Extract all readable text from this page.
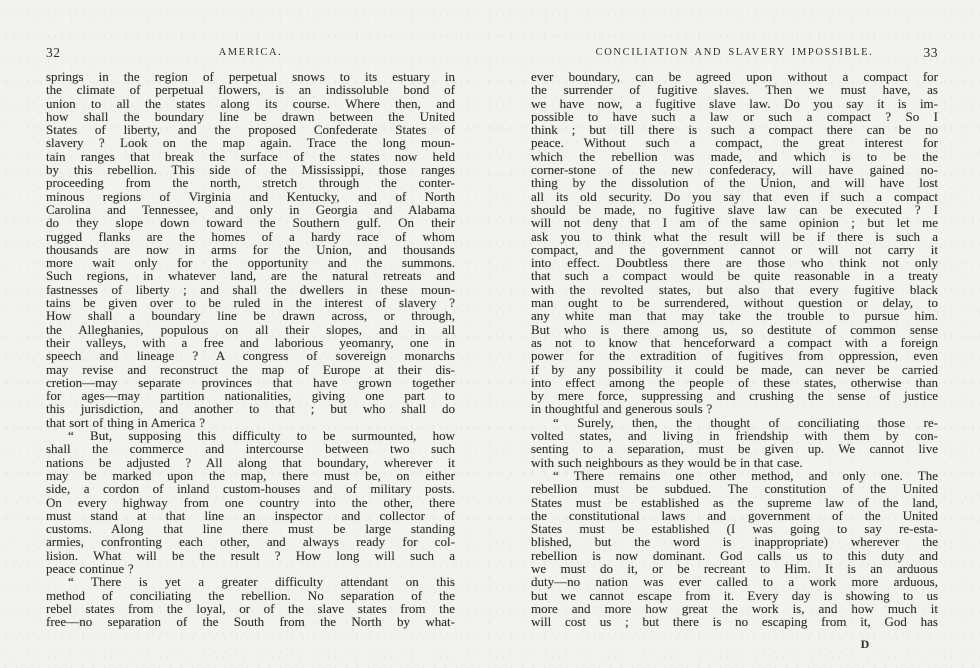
32	AMERICA.
springs in the region of perpetual snows to its estuary in
the climate of perpetual flowers, is an indissoluble bond of
union to all the states along its course. Where then, and
how shall the boundary line be drawn between the United
States of liberty, and the proposed Confederate States of
slavery ? Look on the map again. Trace the long moun-
tain ranges that break the surface of the states now held
by this rebellion. This side of the Mississippi, those ranges
proceeding from the north, stretch through the conter-
minous regions of Virginia and Kentucky, and of North
Carolina and Tennessee, and only in Georgia and Alabama
do they slope down toward the Southern gulf. On their
rugged flanks are the homes of a hardy race of whom
thousands are now in arms for the Union, and thousands
more wait only for the opportunity and the summons.
Such regions, in whatever land, are the natural retreats and
fastnesses of liberty ; and shall the dwellers in these moun-
tains be given over to be ruled in the interest of slavery ?
How shall a boundary line be drawn across, or through,
the Alleghanies, populous on all their slopes, and in all
their valleys, with a free and laborious yeomanry, one in
speech and lineage ? A congress of sovereign monarchs
may revise and reconstruct the map of Europe at their dis-
cretion—may separate provinces that have grown together
for ages—may partition nationalities, giving one part to
this jurisdiction, and another to that ; but who shall do
that sort of thing in America ?
“ But, supposing this difficulty to be surmounted, how
shall the commerce and intercourse between two such
nations be adjusted ? All along that boundary, wherever it
may be marked upon the map, there must be, on either
side, a cordon of inland custom-houses and of military posts.
On every highway from one country into the other, there
must stand at that line an inspector and collector of
customs. Along that line there must be large standing
armies, confronting each other, and always ready for col-
lision. What will be the result ? How long will such a
peace continue ?
“ There is yet a greater difficulty attendant on this
method of conciliating the rebellion. No separation of the
rebel states from the loyal, or of the slave states from the
free—no separation of the South from the North by what-
CONCILIATION AND SLAVERY IMPOSSIBLE.	33
ever boundary, can be agreed upon without a compact for
the surrender of fugitive slaves. Then we must have, as
we have now, a fugitive slave law. Do you say it is im-
possible to have such a law or such a compact ? So I
think ; but till there is such a compact there can be no
peace. Without such a compact, the great interest for
which the rebellion was made, and which is to be the
corner-stone of the new confederacy, will have gained no-
thing by the dissolution of the Union, and will have lost
all its old security. Do you say that even if such a compact
should be made, no fugitive slave law can be executed ? I
will not deny that I am of the same opinion ; but let me
ask you to think what the result will be if there is such a
compact, and the government cannot or will not carry it
into effect. Doubtless there are those who think not only
that such a compact would be quite reasonable in a treaty
with the revolted states, but also that every fugitive black
man ought to be surrendered, without question or delay, to
any white man that may take the trouble to pursue him.
But who is there among us, so destitute of common sense
as not to know that henceforward a compact with a foreign
power for the extradition of fugitives from oppression, even
if by any possibility it could be made, can never be carried
into effect among the people of these states, otherwise than
by mere force, suppressing and crushing the sense of justice
in thoughtful and generous souls ?
“ Surely, then, the thought of conciliating those re-
volted states, and living in friendship with them by con-
senting to a separation, must be given up. We cannot live
with such neighbours as they would be in that case.
“ There remains one other method, and only one. The
rebellion must be subdued. The constitution of the United
States must be established as the supreme law of the land,
the constitutional laws and government of the United
States must be established (I was going to say re-esta-
blished, but the word is inappropriate) wherever the
rebellion is now dominant. God calls us to this duty and
we must do it, or be recreant to Him. It is an arduous
duty—no nation was ever called to a work more arduous,
but we cannot escape from it. Every day is showing to us
more and more how great the work is, and how much it
will cost us ; but there is no escaping from it, God has
D
